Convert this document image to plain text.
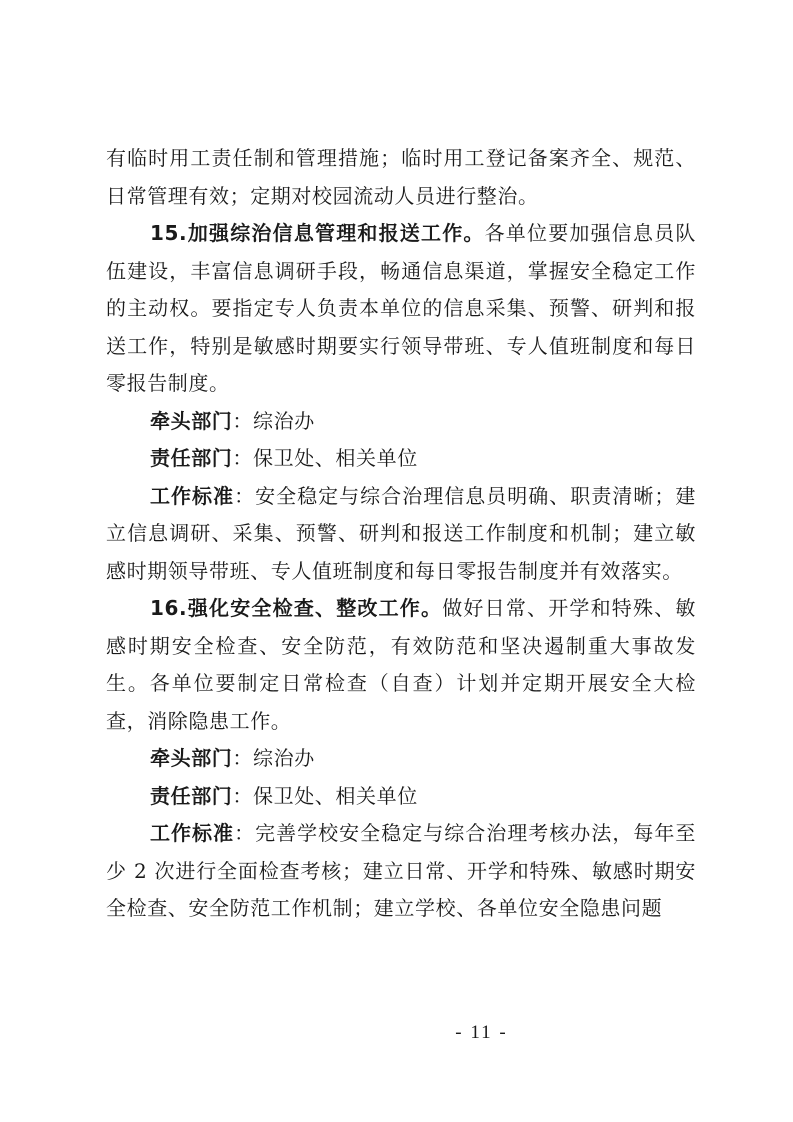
有临时用工责任制和管理措施；临时用工登记备案齐全、规范、日常管理有效；定期对校园流动人员进行整治。

15.加强综治信息管理和报送工作。各单位要加强信息员队伍建设，丰富信息调研手段，畅通信息渠道，掌握安全稳定工作的主动权。要指定专人负责本单位的信息采集、预警、研判和报送工作，特别是敏感时期要实行领导带班、专人值班制度和每日零报告制度。

牵头部门：综治办

责任部门：保卫处、相关单位

工作标准：安全稳定与综合治理信息员明确、职责清晰；建立信息调研、采集、预警、研判和报送工作制度和机制；建立敏感时期领导带班、专人值班制度和每日零报告制度并有效落实。

16.强化安全检查、整改工作。做好日常、开学和特殊、敏感时期安全检查、安全防范，有效防范和坚决遏制重大事故发生。各单位要制定日常检查（自查）计划并定期开展安全大检查，消除隐患工作。

牵头部门：综治办

责任部门：保卫处、相关单位

工作标准：完善学校安全稳定与综合治理考核办法，每年至少 2 次进行全面检查考核；建立日常、开学和特殊、敏感时期安全检查、安全防范工作机制；建立学校、各单位安全隐患问题

- 11 -
